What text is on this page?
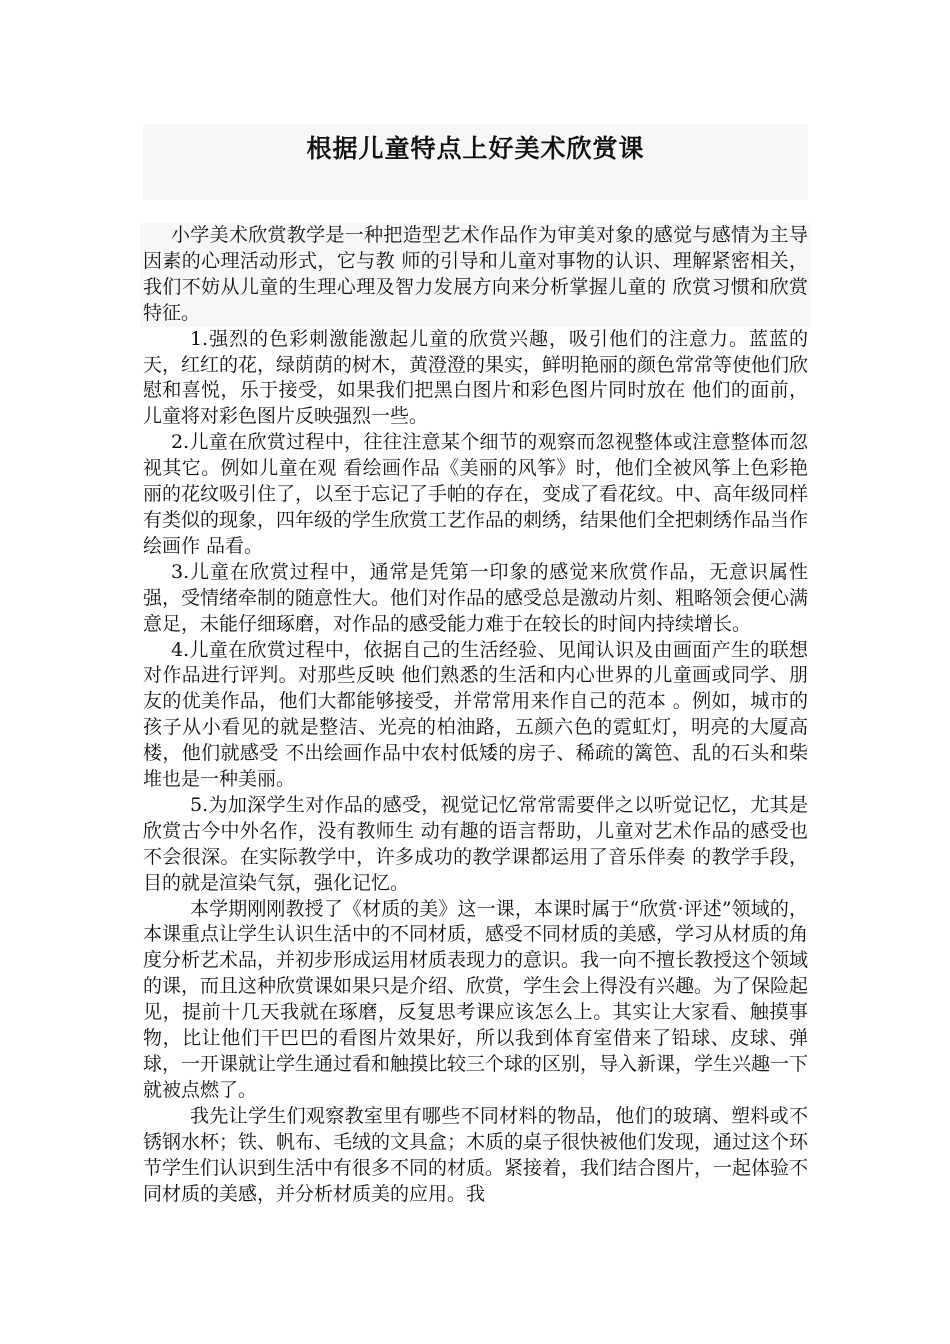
根据儿童特点上好美术欣赏课

小学美术欣赏教学是一种把造型艺术作品作为审美对象的感觉与感情为主导因素的心理活动形式，它与教 师的引导和儿童对事物的认识、理解紧密相关，我们不妨从儿童的生理心理及智力发展方向来分析掌握儿童的 欣赏习惯和欣赏特征。

1.强烈的色彩刺激能激起儿童的欣赏兴趣，吸引他们的注意力。蓝蓝的天，红红的花，绿荫荫的树木，黄澄澄的果实，鲜明艳丽的颜色常常等使他们欣慰和喜悦，乐于接受，如果我们把黑白图片和彩色图片同时放在 他们的面前，儿童将对彩色图片反映强烈一些。

2.儿童在欣赏过程中，往往注意某个细节的观察而忽视整体或注意整体而忽视其它。例如儿童在观 看绘画作品《美丽的风筝》时，他们全被风筝上色彩艳丽的花纹吸引住了，以至于忘记了手帕的存在，变成了看花纹。中、高年级同样有类似的现象，四年级的学生欣赏工艺作品的刺绣，结果他们全把刺绣作品当作绘画作 品看。

3.儿童在欣赏过程中，通常是凭第一印象的感觉来欣赏作品，无意识属性强，受情绪牵制的随意性大。他们对作品的感受总是激动片刻、粗略领会便心满意足，未能仔细琢磨，对作品的感受能力难于在较长的时间内持续增长。

4.儿童在欣赏过程中，依据自己的生活经验、见闻认识及由画面产生的联想对作品进行评判。对那些反映 他们熟悉的生活和内心世界的儿童画或同学、朋友的优美作品，他们大都能够接受，并常常用来作自己的范本 。例如，城市的孩子从小看见的就是整洁、光亮的柏油路，五颜六色的霓虹灯，明亮的大厦高楼，他们就感受 不出绘画作品中农村低矮的房子、稀疏的篱笆、乱的石头和柴堆也是一种美丽。

5.为加深学生对作品的感受，视觉记忆常常需要伴之以听觉记忆，尤其是欣赏古今中外名作，没有教师生 动有趣的语言帮助，儿童对艺术作品的感受也不会很深。在实际教学中，许多成功的教学课都运用了音乐伴奏 的教学手段，目的就是渲染气氛，强化记忆。

本学期刚刚教授了《材质的美》这一课，本课时属于“欣赏·评述”领域的，本课重点让学生认识生活中的不同材质，感受不同材质的美感，学习从材质的角度分析艺术品，并初步形成运用材质表现力的意识。我一向不擅长教授这个领域的课，而且这种欣赏课如果只是介绍、欣赏，学生会上得没有兴趣。为了保险起见，提前十几天我就在琢磨，反复思考课应该怎么上。其实让大家看、触摸事物，比让他们干巴巴的看图片效果好，所以我到体育室借来了铅球、皮球、弹球，一开课就让学生通过看和触摸比较三个球的区别，导入新课，学生兴趣一下就被点燃了。

我先让学生们观察教室里有哪些不同材料的物品，他们的玻璃、塑料或不锈钢水杯；铁、帆布、毛绒的文具盒；木质的桌子很快被他们发现，通过这个环节学生们认识到生活中有很多不同的材质。紧接着，我们结合图片，一起体验不同材质的美感，并分析材质美的应用。我
